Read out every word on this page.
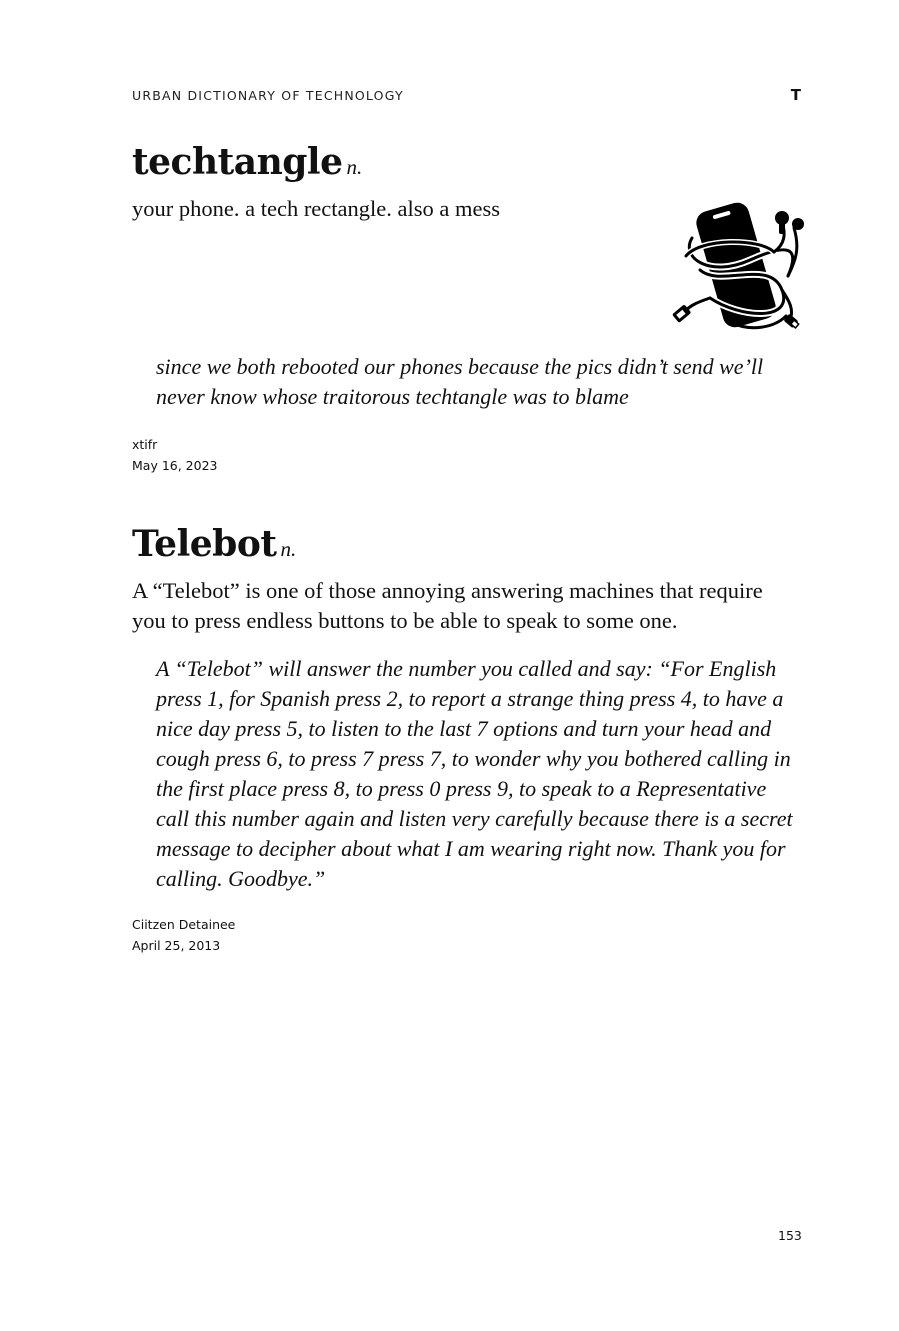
URBAN DICTIONARY OF TECHNOLOGY	T

techtangle n.

your phone. a tech rectangle. also a mess

since we both rebooted our phones because the pics didn’t send we’ll never know whose traitorous techtangle was to blame

xtifr
May 16, 2023

Telebot n.

A “Telebot” is one of those annoying answering machines that require you to press endless buttons to be able to speak to some one.

A “Telebot” will answer the number you called and say: “For English press 1, for Spanish press 2, to report a strange thing press 4, to have a nice day press 5, to listen to the last 7 options and turn your head and cough press 6, to press 7 press 7, to wonder why you bothered calling in the first place press 8, to press 0 press 9, to speak to a Representative call this number again and listen very carefully because there is a secret message to decipher about what I am wearing right now. Thank you for calling. Goodbye.”

Ciitzen Detainee
April 25, 2013
153
